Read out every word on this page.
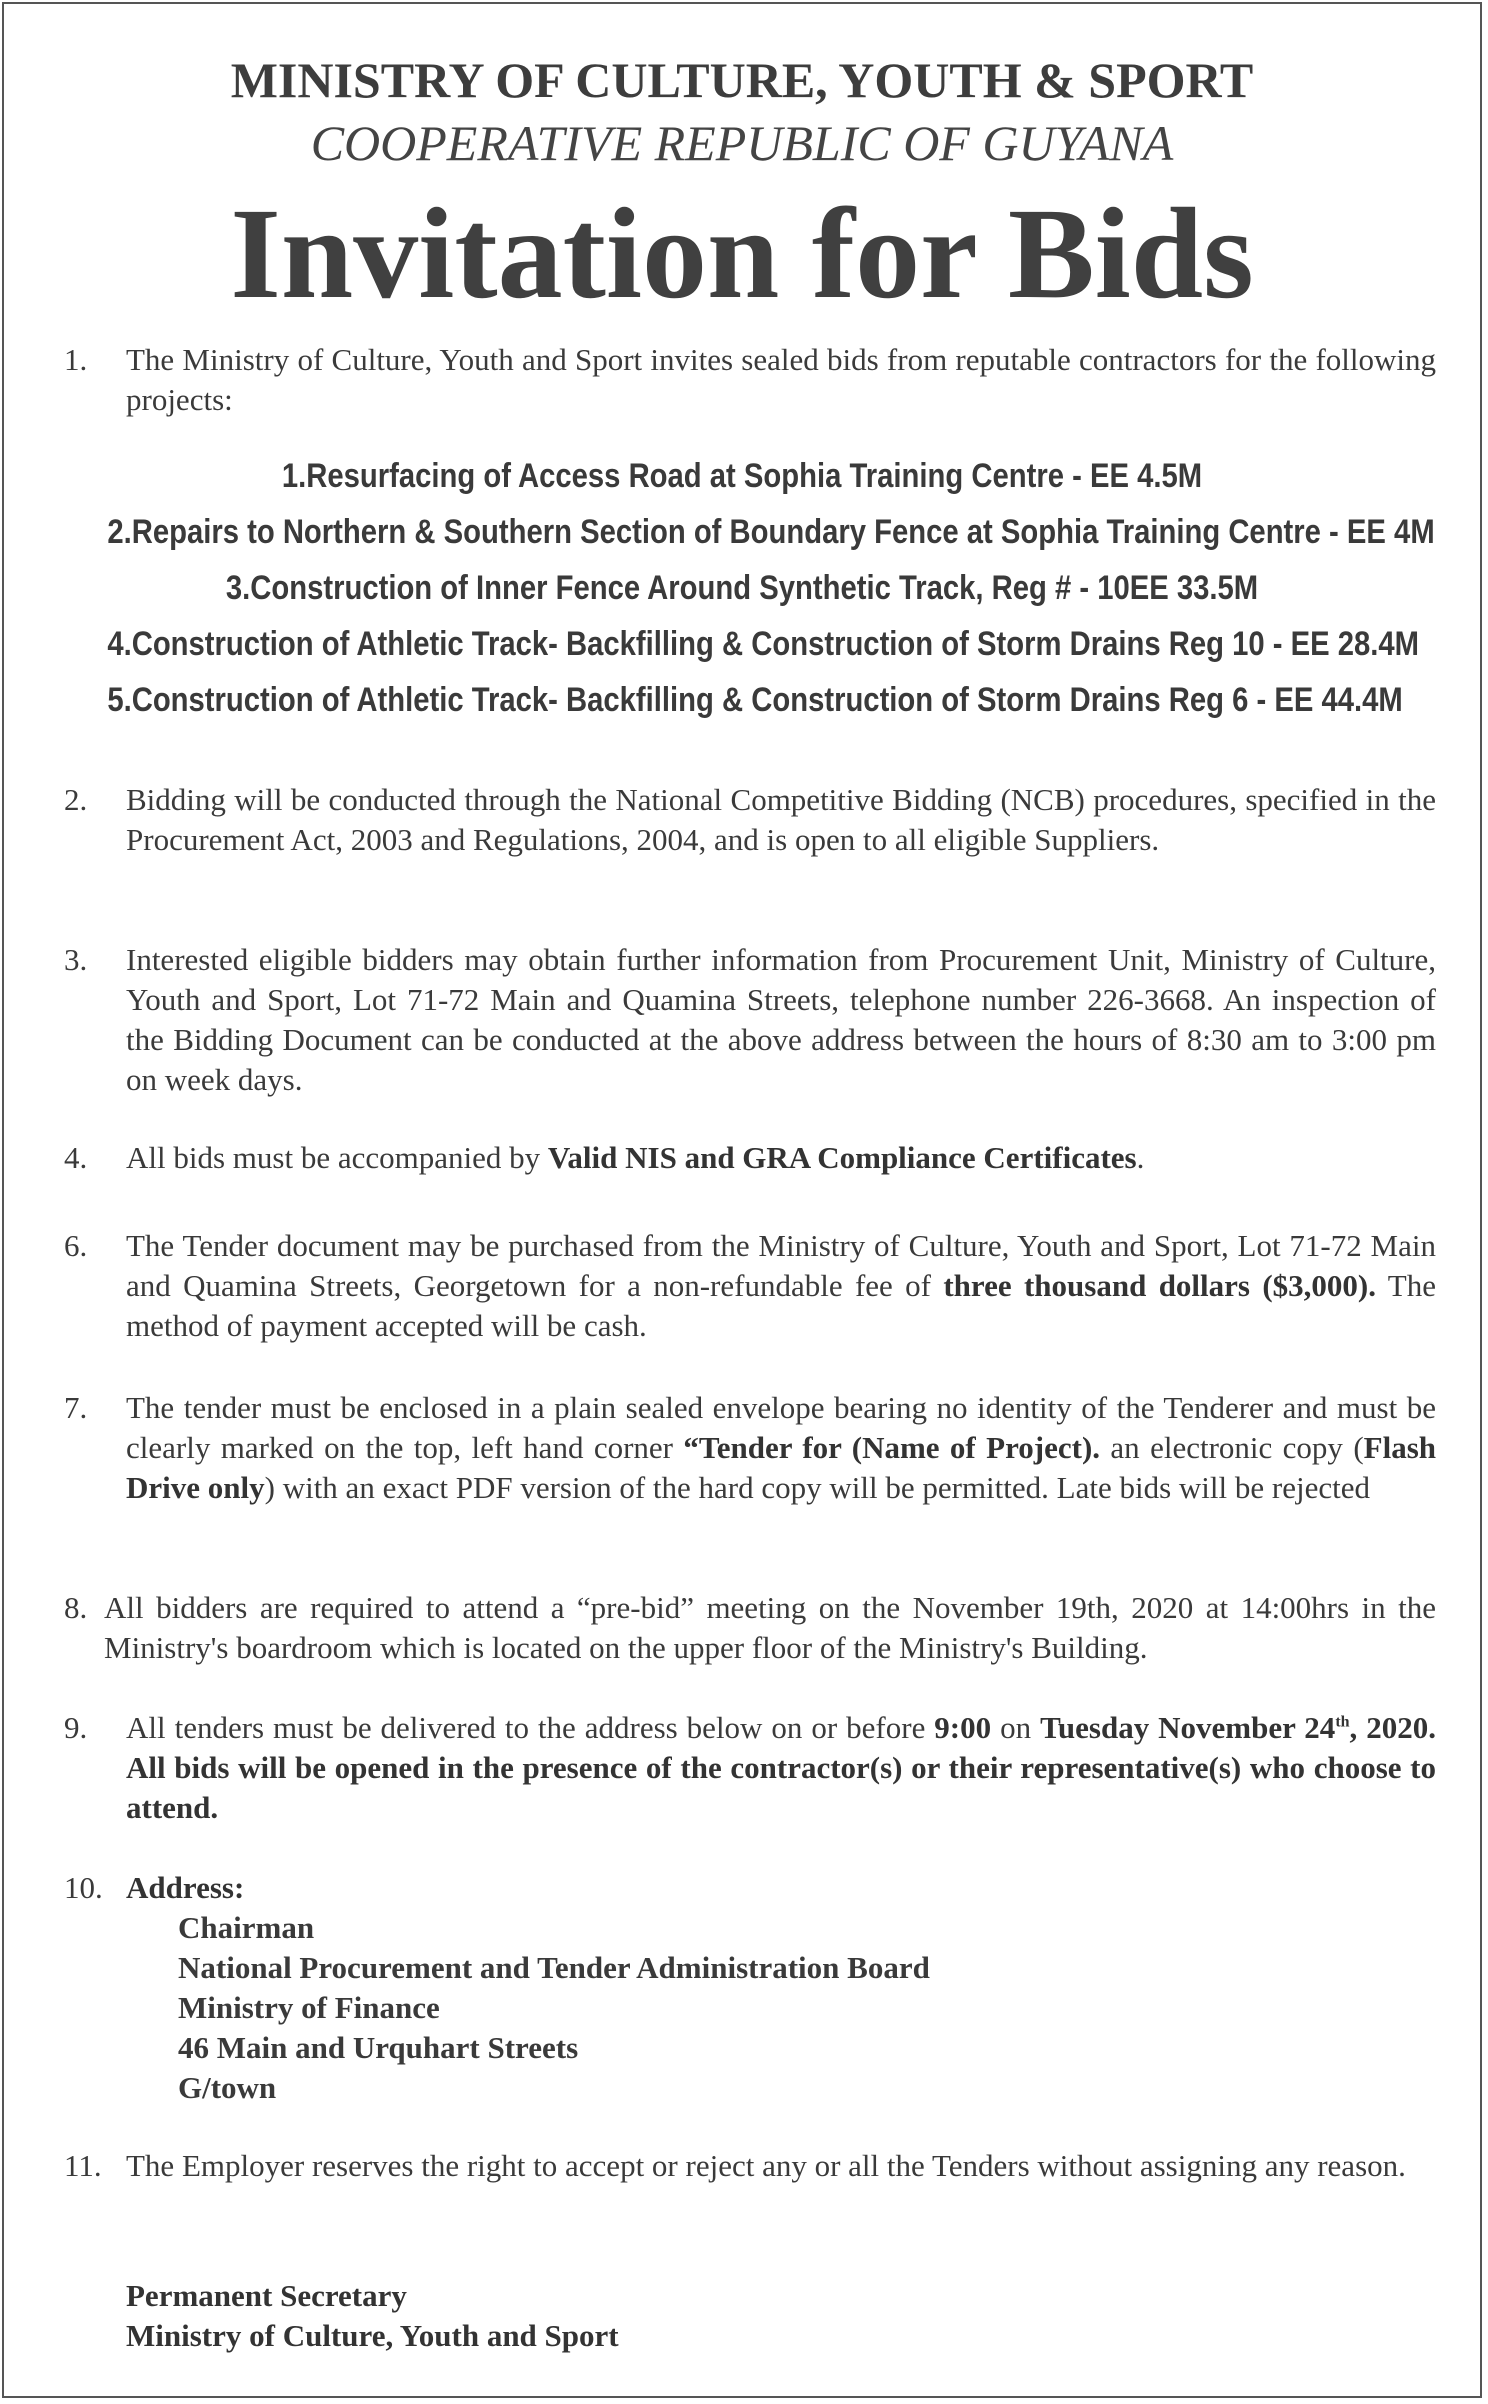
MINISTRY OF CULTURE, YOUTH & SPORT
COOPERATIVE REPUBLIC OF GUYANA
Invitation for Bids
1. The Ministry of Culture, Youth and Sport invites sealed bids from reputable contractors for the following projects:
1.Resurfacing of Access Road at Sophia Training Centre - EE 4.5M
2.Repairs to Northern & Southern Section of Boundary Fence at Sophia Training Centre - EE 4M
3.Construction of Inner Fence Around Synthetic Track, Reg # - 10EE 33.5M
4.Construction of Athletic Track- Backfilling & Construction of Storm Drains Reg 10 - EE 28.4M
5.Construction of Athletic Track- Backfilling & Construction of Storm Drains Reg 6 - EE 44.4M
2. Bidding will be conducted through the National Competitive Bidding (NCB) procedures, specified in the Procurement Act, 2003 and Regulations, 2004, and is open to all eligible Suppliers.
3. Interested eligible bidders may obtain further information from Procurement Unit, Ministry of Culture, Youth and Sport, Lot 71-72 Main and Quamina Streets, telephone number 226-3668. An inspection of the Bidding Document can be conducted at the above address between the hours of 8:30 am to 3:00 pm on week days.
4. All bids must be accompanied by Valid NIS and GRA Compliance Certificates.
6. The Tender document may be purchased from the Ministry of Culture, Youth and Sport, Lot 71-72 Main and Quamina Streets, Georgetown for a non-refundable fee of three thousand dollars ($3,000). The method of payment accepted will be cash.
7. The tender must be enclosed in a plain sealed envelope bearing no identity of the Tenderer and must be clearly marked on the top, left hand corner “Tender for (Name of Project). an electronic copy (Flash Drive only) with an exact PDF version of the hard copy will be permitted. Late bids will be rejected
8. All bidders are required to attend a “pre-bid” meeting on the November 19th, 2020 at 14:00hrs in the Ministry's boardroom which is located on the upper floor of the Ministry's Building.
9. All tenders must be delivered to the address below on or before 9:00 on Tuesday November 24th, 2020. All bids will be opened in the presence of the contractor(s) or their representative(s) who choose to attend.
10. Address:
Chairman
National Procurement and Tender Administration Board
Ministry of Finance
46 Main and Urquhart Streets
G/town
11. The Employer reserves the right to accept or reject any or all the Tenders without assigning any reason.
Permanent Secretary
Ministry of Culture, Youth and Sport
